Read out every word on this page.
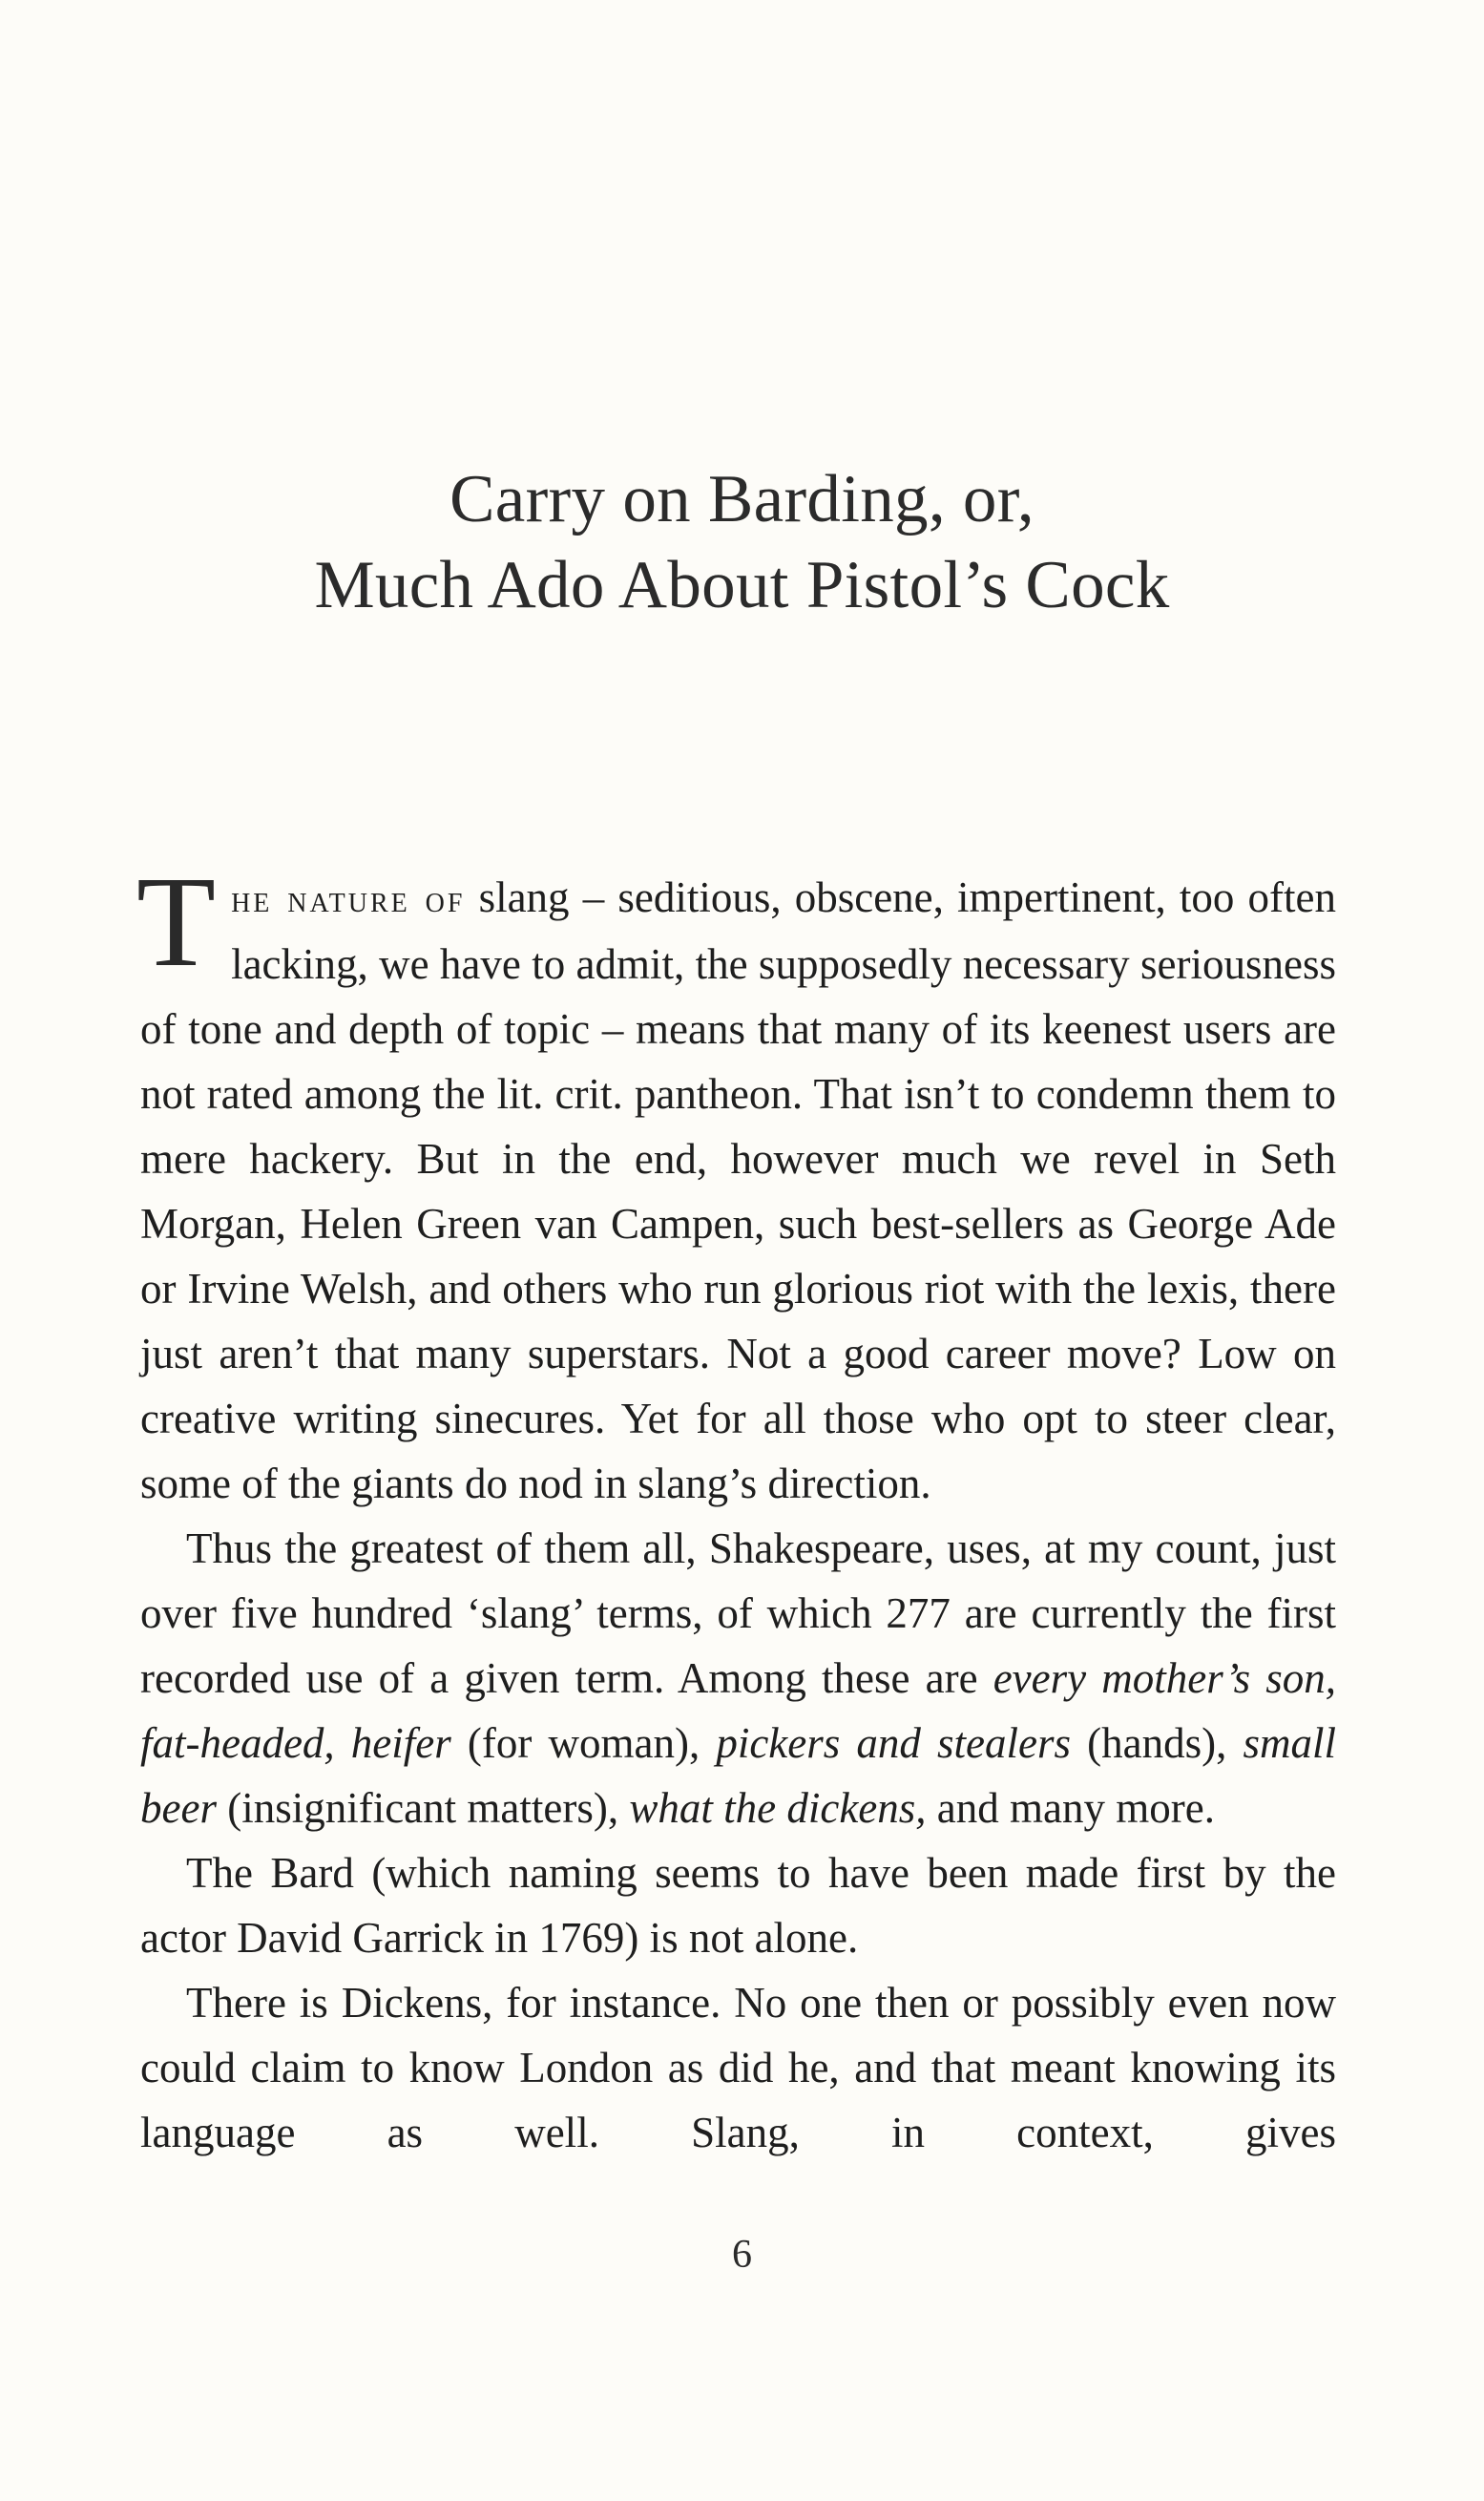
Carry on Barding, or,
Much Ado About Pistol’s Cock

The nature of slang – seditious, obscene, impertinent, too often lacking, we have to admit, the supposedly necessary seriousness of tone and depth of topic – means that many of its keenest users are not rated among the lit. crit. pantheon. That isn’t to condemn them to mere hackery. But in the end, however much we revel in Seth Morgan, Helen Green van Campen, such best-sellers as George Ade or Irvine Welsh, and others who run glorious riot with the lexis, there just aren’t that many superstars. Not a good career move? Low on creative writing sinecures. Yet for all those who opt to steer clear, some of the giants do nod in slang’s direction.

Thus the greatest of them all, Shakespeare, uses, at my count, just over five hundred ‘slang’ terms, of which 277 are currently the first recorded use of a given term. Among these are every mother’s son, fat-headed, heifer (for woman), pickers and stealers (hands), small beer (insignificant matters), what the dickens, and many more.

The Bard (which naming seems to have been made first by the actor David Garrick in 1769) is not alone.

There is Dickens, for instance. No one then or possibly even now could claim to know London as did he, and that meant knowing its language as well. Slang, in context, gives

6
